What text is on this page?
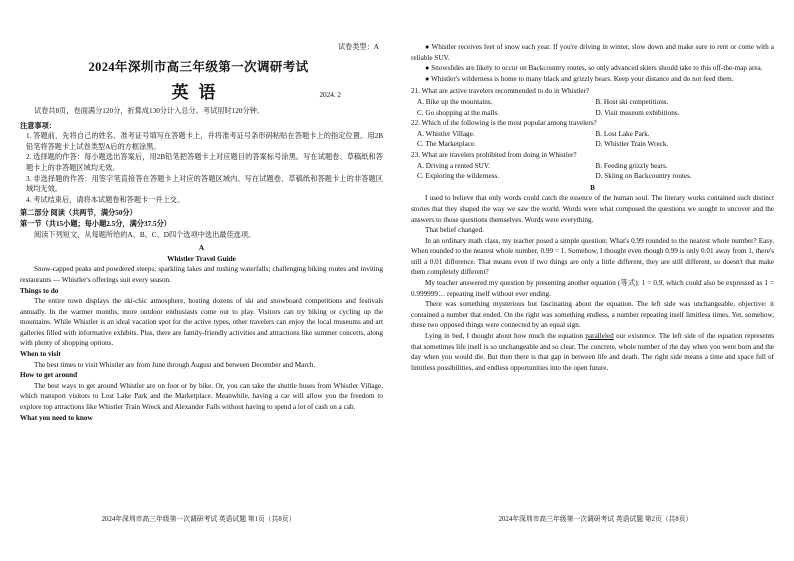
试卷类型：A
2024年深圳市高三年级第一次调研考试
英语	2024. 2

试卷共8页，卷面满分120分，折算成130分计入总分。考试用时120分钟。

注意事项：

1. 答题前，先将自己的姓名、准考证号填写在答题卡上，并将准考证号条形码粘贴在答题卡上的指定位置。用2B铅笔将答题卡上试卷类型A后的方框涂黑。

2. 选择题的作答：每小题选出答案后，用2B铅笔把答题卡上对应题目的答案标号涂黑。写在试题卷、草稿纸和答题卡上的非答题区域均无效。

3. 非选择题的作答：用签字笔直接答在答题卡上对应的答题区域内。写在试题卷、草稿纸和答题卡上的非答题区域均无效。

4. 考试结束后，请将本试题卷和答题卡一并上交。

第二部分 阅读（共两节，满分50分）

第一节（共15小题；每小题2.5分，满分37.5分）

阅读下列短文，从每题所给的A、B、C、D四个选项中选出最佳选项。

A

Whistler Travel Guide

Snow-capped peaks and powdered steeps; sparkling lakes and rushing waterfalls; challenging biking routes and inviting restaurants — Whistler's offerings suit every season.

Things to do

The entire town displays the ski-chic atmosphere, hosting dozens of ski and snowboard competitions and festivals annually. In the warmer months, more outdoor enthusiasts come out to play. Visitors can try hiking or cycling up the mountains. While Whistler is an ideal vacation spot for the active types, other travelers can enjoy the local museums and art galleries filled with informative exhibits. Plus, there are family-friendly activities and attractions like summer concerts, along with plenty of shopping options.

When to visit

The best times to visit Whistler are from June through August and between December and March.

How to get around

The best ways to get around Whistler are on foot or by bike. Or, you can take the shuttle buses from Whistler Village, which transport visitors to Lost Lake Park and the Marketplace. Meanwhile, having a car will allow you the freedom to explore top attractions like Whistler Train Wreck and Alexander Falls without having to spend a lot of cash on a cab.

What you need to know

2024年深圳市高三年级第一次调研考试 英语试题 第1页（共8页）

● Whistler receives feet of snow each year. If you're driving in winter, slow down and make sure to rent or come with a reliable SUV.

● Snowslides are likely to occur on Backcountry routes, so only advanced skiers should take to this off-the-map area.

● Whistler's wilderness is home to many black and grizzly bears. Keep your distance and do not feed them.

21. What are active travelers recommended to do in Whistler?

A. Bike up the mountains.	B. Host ski competitions.
C. Go shopping at the malls.	D. Visit museum exhibitions.

22. Which of the following is the most popular among travelers?

A. Whistler Village.	B. Lost Lake Park.
C. The Marketplace.	D. Whistler Train Wreck.

23. What are travelers prohibited from doing in Whistler?

A. Driving a rented SUV.	B. Feeding grizzly bears.
C. Exploring the wilderness.	D. Skiing on Backcountry routes.

B

I used to believe that only words could catch the essence of the human soul. The literary works contained such distinct stories that they shaped the way we saw the world. Words were what composed the questions we sought to uncover and the answers to those questions themselves. Words were everything.

That belief changed.

In an ordinary math class, my teacher posed a simple question: What's 0.99 rounded to the nearest whole number? Easy. When rounded to the nearest whole number, 0.99 = 1. Somehow, I thought even though 0.99 is only 0.01 away from 1, there's still a 0.01 difference. That means even if two things are only a little different, they are still different, so doesn't that make them completely different?

My teacher answered my question by presenting another equation (等式): 1 = 0.9̇, which could also be expressed as 1 = 0.999999… repeating itself without ever ending.

There was something mysterious but fascinating about the equation. The left side was unchangeable, objective: it contained a number that ended. On the right was something endless, a number repeating itself limitless times. Yet, somehow, these two opposed things were connected by an equal sign.

Lying in bed, I thought about how much the equation paralleled our existence. The left side of the equation represents that sometimes life itself is so unchangeable and so clear. The concrete, whole number of the day when you were born and the day when you would die. But then there is that gap in between life and death. The right side means a time and space full of limitless possibilities, and endless opportunities into the open future.

2024年深圳市高三年级第一次调研考试 英语试题 第2页（共8页）
